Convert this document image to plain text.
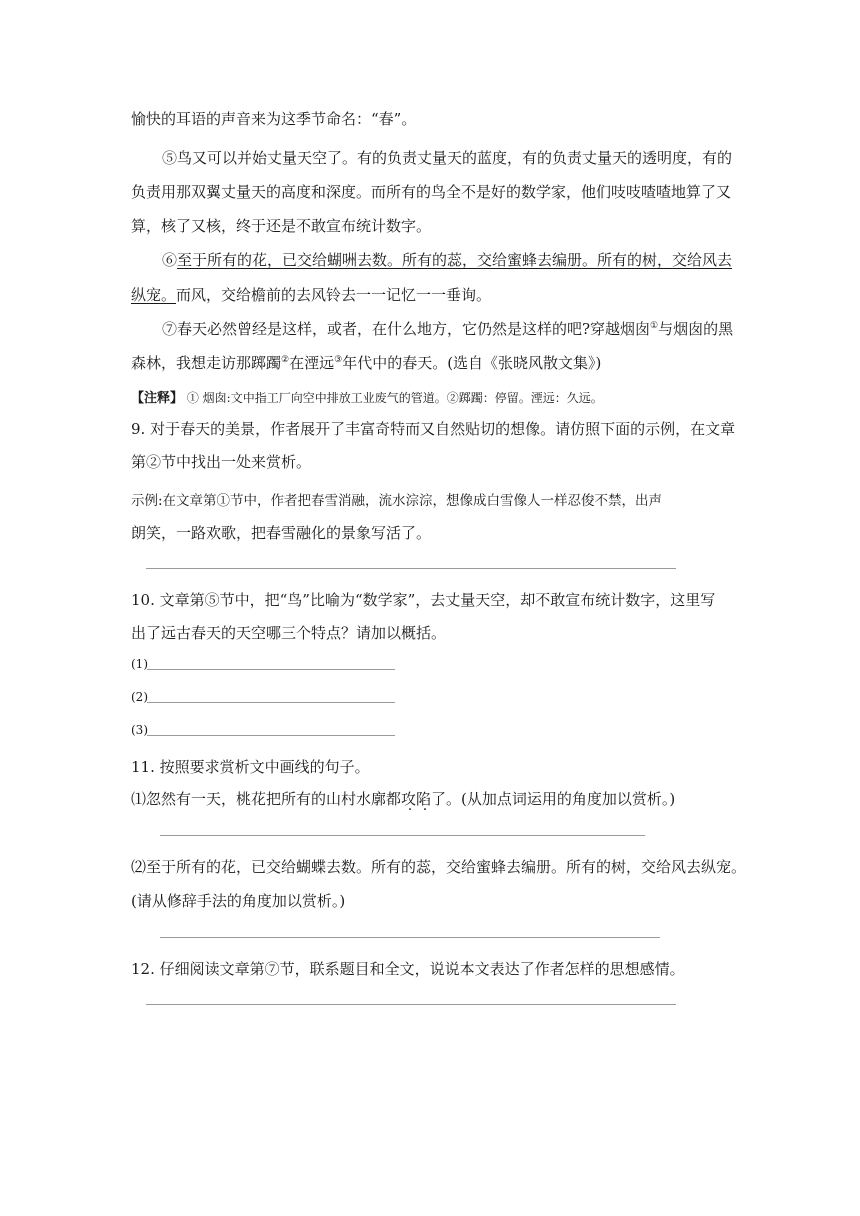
愉快的耳语的声音来为这季节命名：“春”。
⑤鸟又可以并始丈量天空了。有的负责丈量天的蓝度，有的负责丈量天的透明度，有的
负责用那双翼丈量天的高度和深度。而所有的鸟全不是好的数学家，他们吱吱喳喳地算了又
算，核了又核，终于还是不敢宣布统计数字。
⑥至于所有的花，已交给蝴㖄去数。所有的蕊，交给蜜蜂去编册。所有的树，交给风去
纵宠。而风，交给檐前的去风铃去一一记忆一一垂询。
⑦春天必然曾经是这样，或者，在什么地方，它仍然是这样的吧?穿越烟囱①与烟囱的黑
森林，我想走访那踯躅②在湮远③年代中的春天。(选自《张晓风散文集》)
【注释】 ① 烟囱:文中指工厂向空中排放工业废气的管道。②踯躅：停留。湮远：久远。
9. 对于春天的美景，作者展开了丰富奇特而又自然贴切的想像。请仿照下面的示例，在文章
第②节中找出一处来赏析。
示例:在文章第①节中，作者把春雪消融，流水淙淙，想像成白雪像人一样忍俊不禁，出声
朗笑，一路欢歌，把春雪融化的景象写活了。
10. 文章第⑤节中，把“鸟”比喻为“数学家”，去丈量天空，却不敢宣布统计数字，这里写
出了远古春天的天空哪三个特点？请加以概括。
(1)
(2)
(3)
11. 按照要求赏析文中画线的句子。
⑴忽然有一天，桃花把所有的山村水廓都攻陷了。(从加点词运用的角度加以赏析。)
⑵至于所有的花，已交给蝴蝶去数。所有的蕊，交给蜜蜂去编册。所有的树，交给风去纵宠。
(请从修辞手法的角度加以赏析。)
12. 仔细阅读文章第⑦节，联系题目和全文，说说本文表达了作者怎样的思想感情。
